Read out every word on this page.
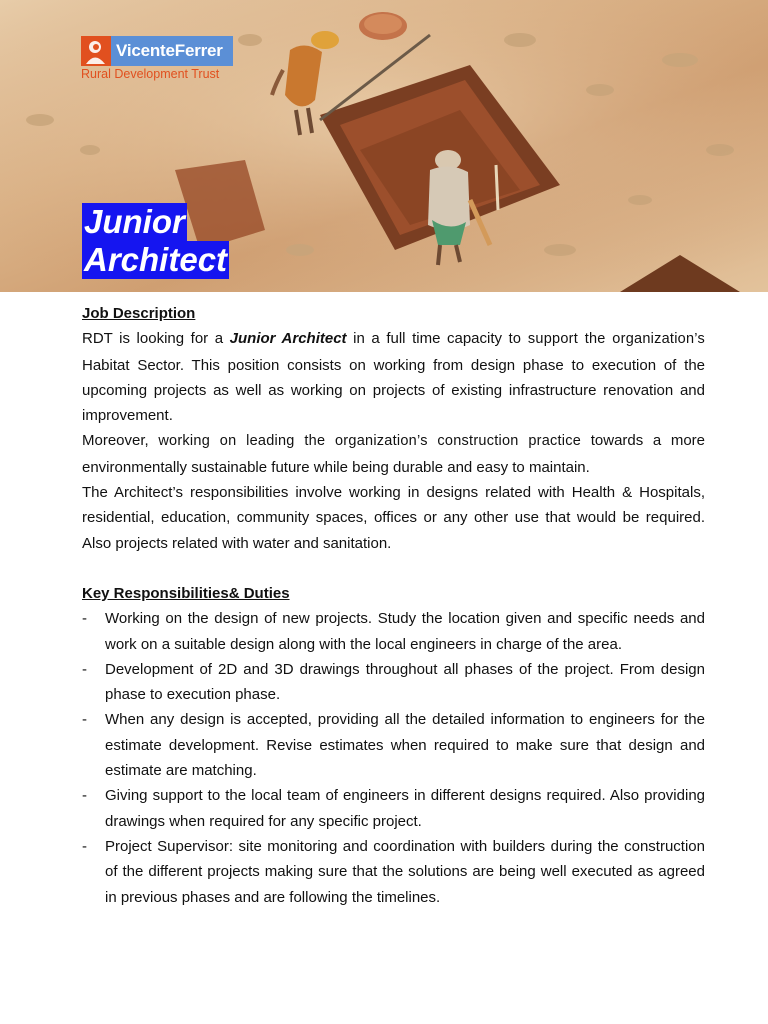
VicenteFerrer
Rural Development Trust
Junior
Architect

Job Description

RDT is looking for a Junior Architect in a full time capacity to support the organization’s Habitat Sector. This position consists on working from design phase to execution of the upcoming projects as well as working on projects of existing infrastructure renovation and improvement.

Moreover, working on leading the organization’s construction practice towards a more environmentally sustainable future while being durable and easy to maintain.

The Architect’s responsibilities involve working in designs related with Health & Hospitals, residential, education, community spaces, offices or any other use that would be required. Also projects related with water and sanitation.

Key Responsibilities& Duties

- Working on the design of new projects. Study the location given and specific needs and work on a suitable design along with the local engineers in charge of the area.
- Development of 2D and 3D drawings throughout all phases of the project. From design phase to execution phase.
- When any design is accepted, providing all the detailed information to engineers for the estimate development. Revise estimates when required to make sure that design and estimate are matching.
- Giving support to the local team of engineers in different designs required. Also providing drawings when required for any specific project.
- Project Supervisor: site monitoring and coordination with builders during the construction of the different projects making sure that the solutions are being well executed as agreed in previous phases and are following the timelines.
